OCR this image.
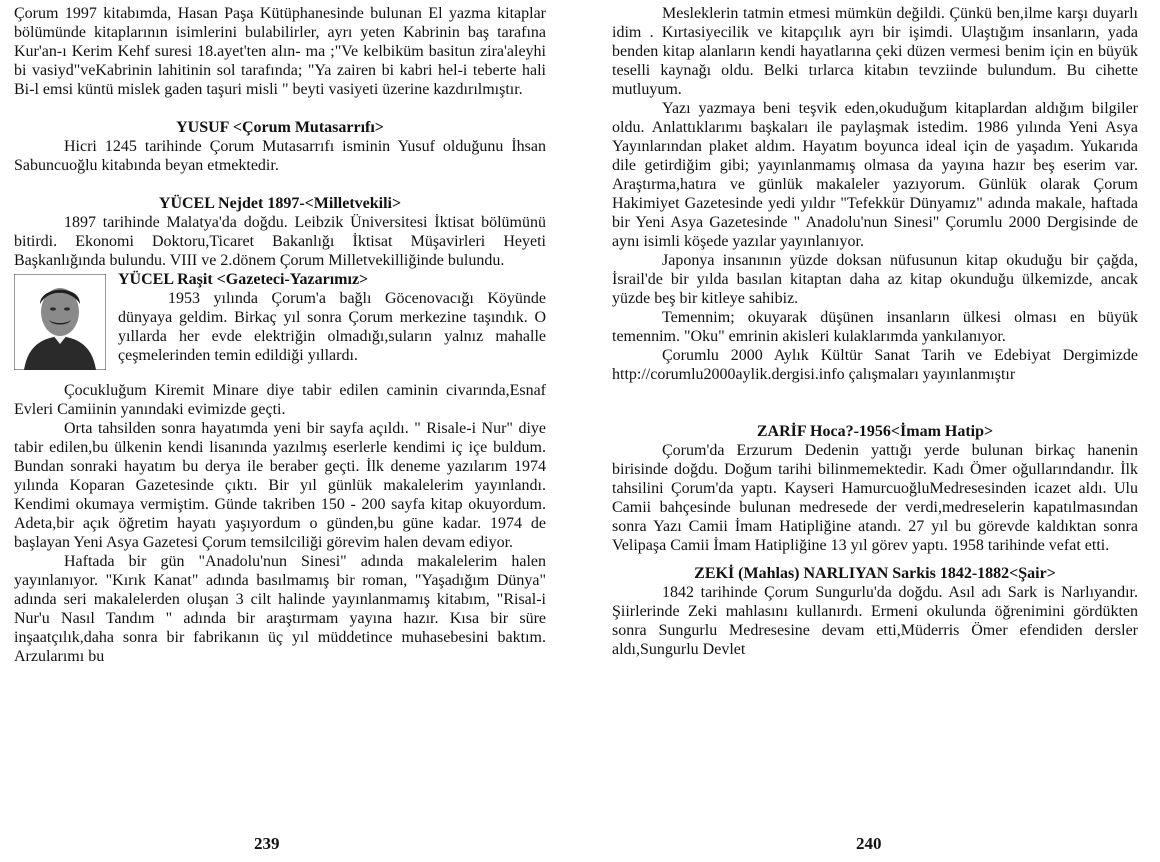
Çorum 1997 kitabımda, Hasan Paşa Kütüphanesinde bulunan El yazma kitaplar bölümünde kitaplarının isimlerini bulabilirler, ayrı yeten Kabrinin baş tarafına Kur'an-ı Kerim Kehf suresi 18.ayet'ten alın- ma ;"Ve kelbiküm basitun zira'aleyhi bi vasiyd"veKabrinin lahitinin sol tarafında; "Ya zairen bi kabri hel-i teberte hali Bi-l emsi küntü mislek gaden taşuri misli " beyti vasiyeti üzerine kazdırılmıştır.

YUSUF <Çorum Mutasarrıfı>

Hicri 1245 tarihinde Çorum Mutasarrıfı isminin Yusuf olduğunu İhsan Sabuncuoğlu kitabında beyan etmektedir.

YÜCEL Nejdet 1897-<Milletvekili>

1897 tarihinde Malatya'da doğdu. Leibzik Üniversitesi İktisat bölümünü bitirdi. Ekonomi Doktoru,Ticaret Bakanlığı İktisat Müşavirleri Heyeti Başkanlığında bulundu. VIII ve 2.dönem Çorum Milletvekilliğinde bulundu.

YÜCEL Raşit <Gazeteci-Yazarımız>

1953 yılında Çorum'a bağlı Göcenovacığı Köyünde dünyaya geldim. Birkaç yıl sonra Çorum merkezine taşındık. O yıllarda her evde elektriğin olmadığı,suların yalnız mahalle çeşmelerinden temin edildiği yıllardı.

Çocukluğum Kiremit Minare diye tabir edilen caminin civarında,Esnaf Evleri Camiinin yanındaki evimizde geçti.

Orta tahsilden sonra hayatımda yeni bir sayfa açıldı. " Risale-i Nur" diye tabir edilen,bu ülkenin kendi lisanında yazılmış eserlerle kendimi iç içe buldum. Bundan sonraki hayatım bu derya ile beraber geçti. İlk deneme yazılarım 1974 yılında Koparan Gazetesinde çıktı. Bir yıl günlük makalelerim yayınlandı. Kendimi okumaya vermiştim. Günde takriben 150 - 200 sayfa kitap okuyordum. Adeta,bir açık öğretim hayatı yaşıyordum o günden,bu güne kadar. 1974 de başlayan Yeni Asya Gazetesi Çorum temsilciliği görevim halen devam ediyor.

Haftada bir gün "Anadolu'nun Sinesi" adında makalelerim halen yayınlanıyor. "Kırık Kanat" adında basılmamış bir roman, "Yaşadığım Dünya" adında seri makalelerden oluşan 3 cilt halinde yayınlanmamış kitabım, "Risal-i Nur'u Nasıl Tandım " adında bir araştırmam yayına hazır. Kısa bir süre inşaatçılık,daha sonra bir fabrikanın üç yıl müddetince muhasebesini baktım. Arzularımı bu

Mesleklerin tatmin etmesi mümkün değildi. Çünkü ben,ilme karşı duyarlı idim . Kırtasiyecilik ve kitapçılık ayrı bir işimdi. Ulaştığım insanların, yada benden kitap alanların kendi hayatlarına çeki düzen vermesi benim için en büyük teselli kaynağı oldu. Belki tırlarca kitabın tevziinde bulundum. Bu cihette mutluyum.

Yazı yazmaya beni teşvik eden,okuduğum kitaplardan aldığım bilgiler oldu. Anlattıklarımı başkaları ile paylaşmak istedim. 1986 yılında Yeni Asya Yayınlarından plaket aldım. Hayatım boyunca ideal için de yaşadım. Yukarıda dile getirdiğim gibi; yayınlanmamış olmasa da yayına hazır beş eserim var. Araştırma,hatıra ve günlük makaleler yazıyorum. Günlük olarak Çorum Hakimiyet Gazetesinde yedi yıldır "Tefekkür Dünyamız" adında makale, haftada bir Yeni Asya Gazetesinde " Anadolu'nun Sinesi" Çorumlu 2000 Dergisinde de aynı isimli köşede yazılar yayınlanıyor.

Japonya insanının yüzde doksan nüfusunun kitap okuduğu bir çağda, İsrail'de bir yılda basılan kitaptan daha az kitap okunduğu ülkemizde, ancak yüzde beş bir kitleye sahibiz.

Temennim; okuyarak düşünen insanların ülkesi olması en büyük temennim. "Oku" emrinin akisleri kulaklarımda yankılanıyor.

Çorumlu 2000 Aylık Kültür Sanat Tarih ve Edebiyat Dergimizde http://corumlu2000aylik.dergisi.info çalışmaları yayınlanmıştır

ZARİF Hoca?-1956<İmam Hatip>

Çorum'da Erzurum Dedenin yattığı yerde bulunan birkaç hanenin birisinde doğdu. Doğum tarihi bilinmemektedir. Kadı Ömer oğullarındandır. İlk tahsilini Çorum'da yaptı. Kayseri HamurcuoğluMedresesinden icazet aldı. Ulu Camii bahçesinde bulunan medresede der verdi,medreselerin kapatılmasından sonra Yazı Camii İmam Hatipliğine atandı. 27 yıl bu görevde kaldıktan sonra Velipaşa Camii İmam Hatipliğine 13 yıl görev yaptı. 1958 tarihinde vefat etti.

ZEKİ (Mahlas) NARLIYAN Sarkis 1842-1882<Şair>

1842 tarihinde Çorum Sungurlu'da doğdu. Asıl adı Sark is Narlıyandır. Şiirlerinde Zeki mahlasını kullanırdı. Ermeni okulunda öğrenimini gördükten sonra Sungurlu Medresesine devam etti,Müderris Ömer efendiden dersler aldı,Sungurlu Devlet

239	240
